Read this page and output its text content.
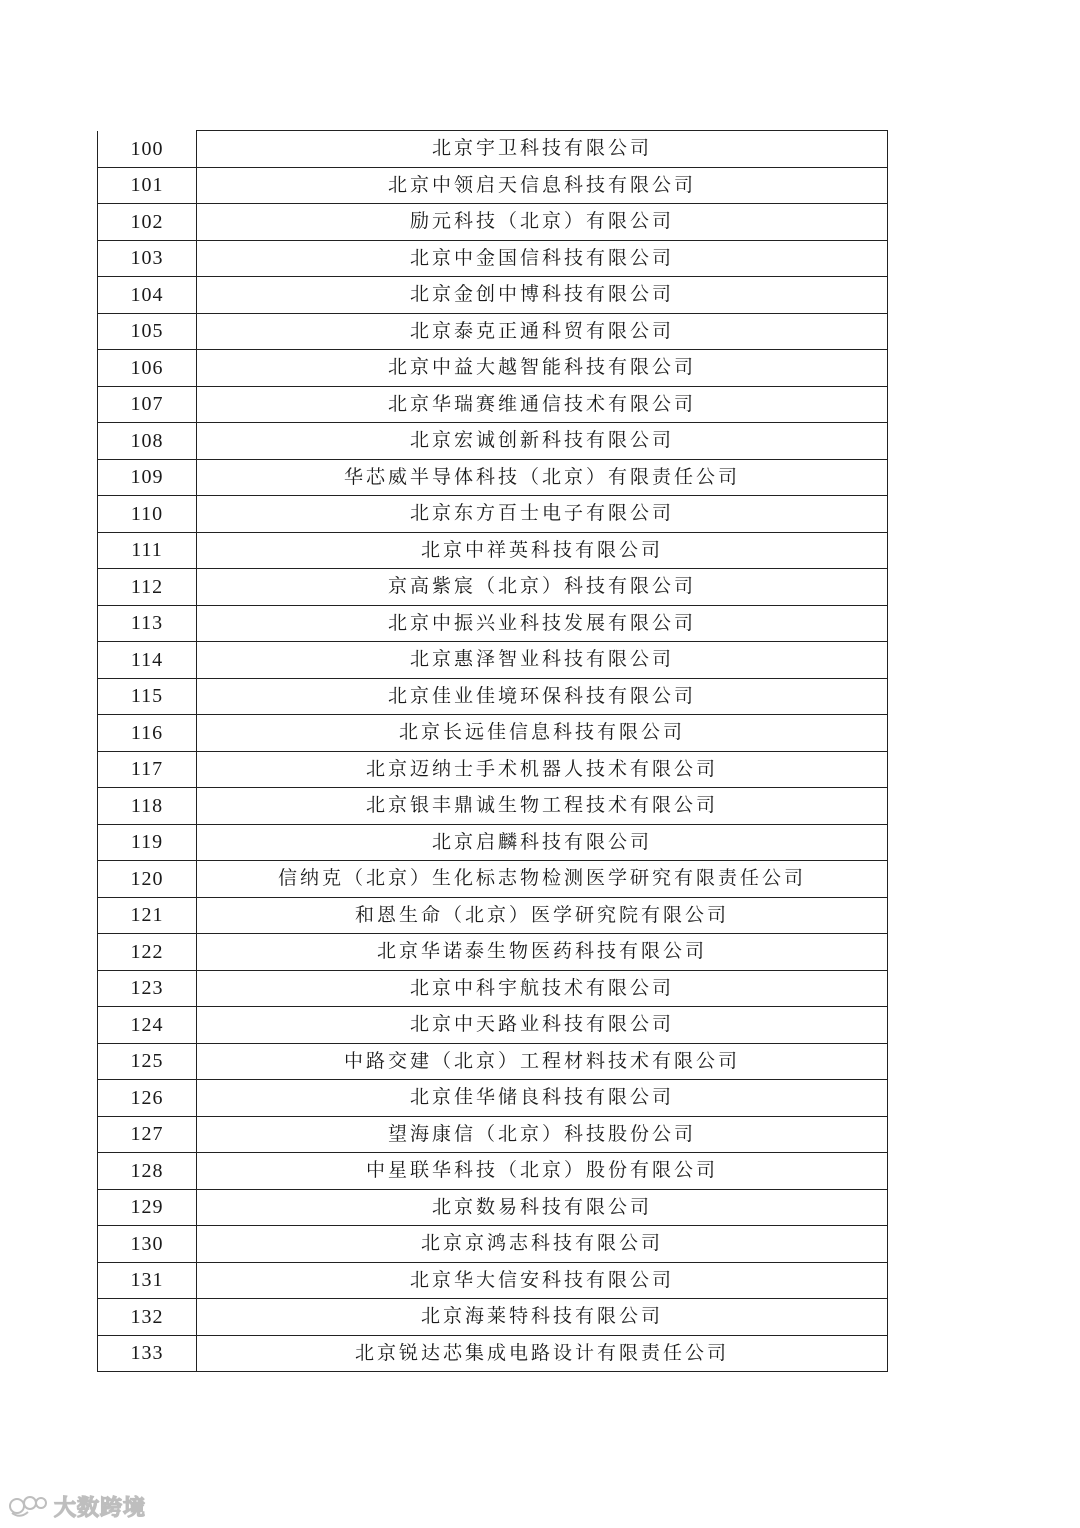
100	北京宇卫科技有限公司
101	北京中领启天信息科技有限公司
102	励元科技（北京）有限公司
103	北京中金国信科技有限公司
104	北京金创中博科技有限公司
105	北京泰克正通科贸有限公司
106	北京中益大越智能科技有限公司
107	北京华瑞赛维通信技术有限公司
108	北京宏诚创新科技有限公司
109	华芯威半导体科技（北京）有限责任公司
110	北京东方百士电子有限公司
111	北京中祥英科技有限公司
112	京高紫宸（北京）科技有限公司
113	北京中振兴业科技发展有限公司
114	北京惠泽智业科技有限公司
115	北京佳业佳境环保科技有限公司
116	北京长远佳信息科技有限公司
117	北京迈纳士手术机器人技术有限公司
118	北京银丰鼎诚生物工程技术有限公司
119	北京启麟科技有限公司
120	信纳克（北京）生化标志物检测医学研究有限责任公司
121	和恩生命（北京）医学研究院有限公司
122	北京华诺泰生物医药科技有限公司
123	北京中科宇航技术有限公司
124	北京中天路业科技有限公司
125	中路交建（北京）工程材料技术有限公司
126	北京佳华储良科技有限公司
127	望海康信（北京）科技股份公司
128	中星联华科技（北京）股份有限公司
129	北京数易科技有限公司
130	北京京鸿志科技有限公司
131	北京华大信安科技有限公司
132	北京海莱特科技有限公司
133	北京锐达芯集成电路设计有限责任公司
大数跨境
